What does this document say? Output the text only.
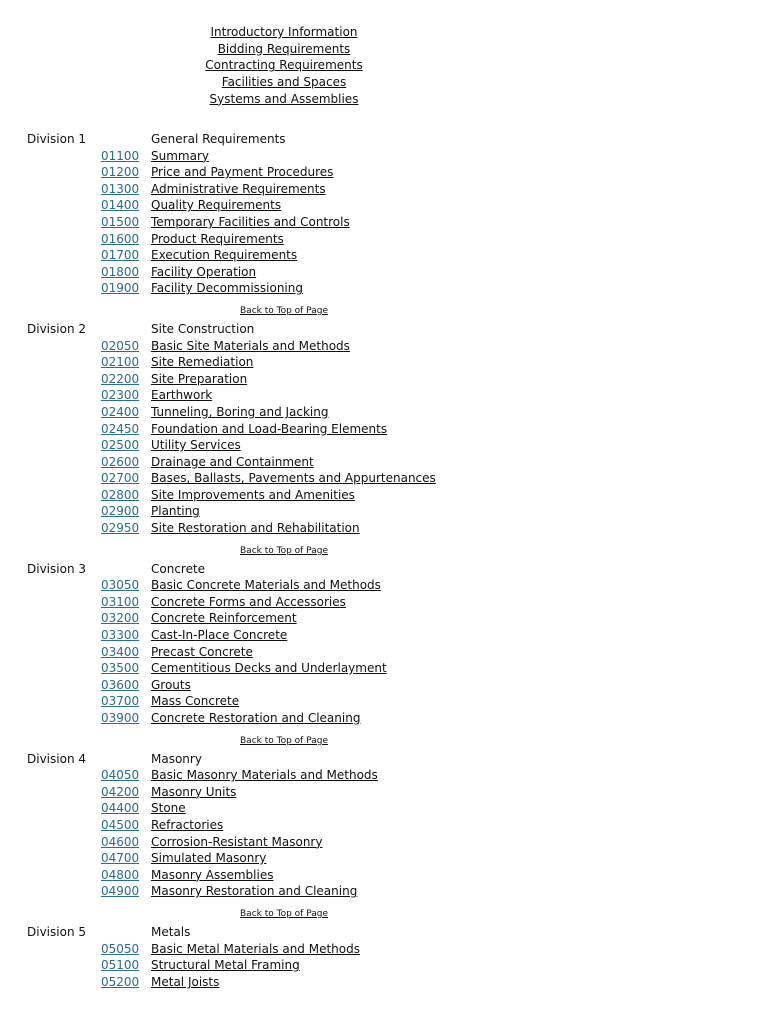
Introductory Information
Bidding Requirements
Contracting Requirements
Facilities and Spaces
Systems and Assemblies
Division 1	General Requirements
01100 Summary
01200 Price and Payment Procedures
01300 Administrative Requirements
01400 Quality Requirements
01500 Temporary Facilities and Controls
01600 Product Requirements
01700 Execution Requirements
01800 Facility Operation
01900 Facility Decommissioning
Back to Top of Page
Division 2	Site Construction
02050 Basic Site Materials and Methods
02100 Site Remediation
02200 Site Preparation
02300 Earthwork
02400 Tunneling, Boring and Jacking
02450 Foundation and Load-Bearing Elements
02500 Utility Services
02600 Drainage and Containment
02700 Bases, Ballasts, Pavements and Appurtenances
02800 Site Improvements and Amenities
02900 Planting
02950 Site Restoration and Rehabilitation
Back to Top of Page
Division 3	Concrete
03050 Basic Concrete Materials and Methods
03100 Concrete Forms and Accessories
03200 Concrete Reinforcement
03300 Cast-In-Place Concrete
03400 Precast Concrete
03500 Cementitious Decks and Underlayment
03600 Grouts
03700 Mass Concrete
03900 Concrete Restoration and Cleaning
Back to Top of Page
Division 4	Masonry
04050 Basic Masonry Materials and Methods
04200 Masonry Units
04400 Stone
04500 Refractories
04600 Corrosion-Resistant Masonry
04700 Simulated Masonry
04800 Masonry Assemblies
04900 Masonry Restoration and Cleaning
Back to Top of Page
Division 5	Metals
05050 Basic Metal Materials and Methods
05100 Structural Metal Framing
05200 Metal Joists
